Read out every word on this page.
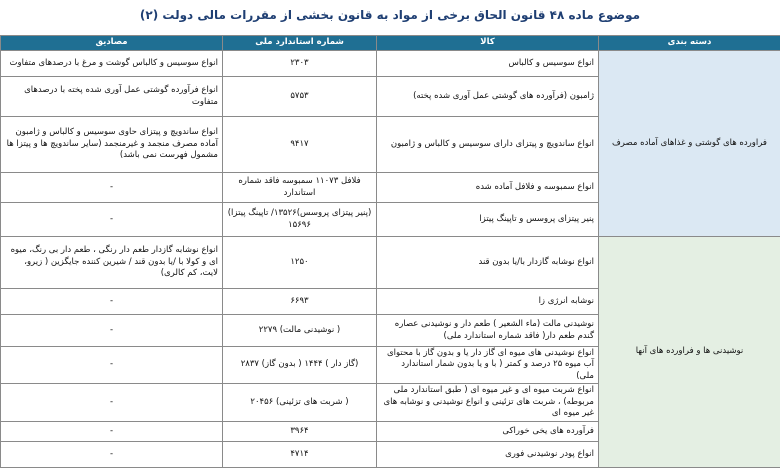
موضوع ماده ۴۸ قانون الحاق برخی از مواد به قانون بخشی از مقررات مالی دولت (۲)
دسته بندی	کالا	شماره استاندارد ملی	مصادیق
فراورده های گوشتی و غذاهای آماده مصرف	انواع سوسیس و کالباس	۲۳۰۳	انواع سوسیس و کالباس گوشت و مرغ با درصدهای متفاوت
	ژامبون (فرآورده های گوشتی عمل آوری شده پخته)	۵۷۵۳	انواع فرآورده گوشتی عمل آوری شده پخته با درصدهای متفاوت
	انواع ساندویچ و پیتزای دارای سوسیس و کالباس و ژامبون	۹۴۱۷	انواع ساندویچ و پیتزای حاوی سوسیس و کالباس و ژامبون آماده مصرف منجمد و غیرمنجمد (سایر ساندویچ ها و پیتزا ها مشمول فهرست نمی باشد)
	انواع سمبوسه و فلافل آماده شده	فلافل ۱۱۰۷۳ سمبوسه فاقد شماره استاندارد	-
	پنیر پیتزای پروسس و تاپینگ پیتزا	(پنیر پیتزای پروسس)۱۳۵۲۶/ تاپینگ پیتزا) ۱۵۶۹۶	-
نوشیدنی ها و فراورده های آنها	انواع نوشابه گازدار با/یا بدون قند	۱۲۵۰	انواع نوشابه گازدار طعم دار رنگی ، طعم دار بی رنگ، میوه ای و کولا با /یا بدون قند / شیرین کننده جایگزین ( زیرو، لایت، کم کالری)
	نوشابه انرژی زا	۶۶۹۳	-
	نوشیدنی مالت (ماء الشعیر ) طعم دار و نوشیدنی عصاره گندم طعم دار( فاقد شماره استاندارد ملی)	( نوشیدنی مالت) ۲۲۷۹	-
	انواع نوشیدنی های میوه ای گاز دار یا و بدون گاز با محتوای آب میوه ۲۵ درصد و کمتر ( با و یا بدون شمار استاندارد ملی)	(گاز دار ) ۱۴۴۴ ( بدون گاز) ۲۸۳۷	-
	انواع شربت میوه ای و غیر میوه ای ( طبق استاندارد ملی مربوطه) ، شربت های تزئینی و انواع نوشیدنی و نوشابه های غیر میوه ای	( شربت های تزئینی) ۲۰۴۵۶	-
	فرآورده های یخی خوراکی	۳۹۶۴	-
	انواع پودر نوشیدنی فوری	۴۷۱۴	-
